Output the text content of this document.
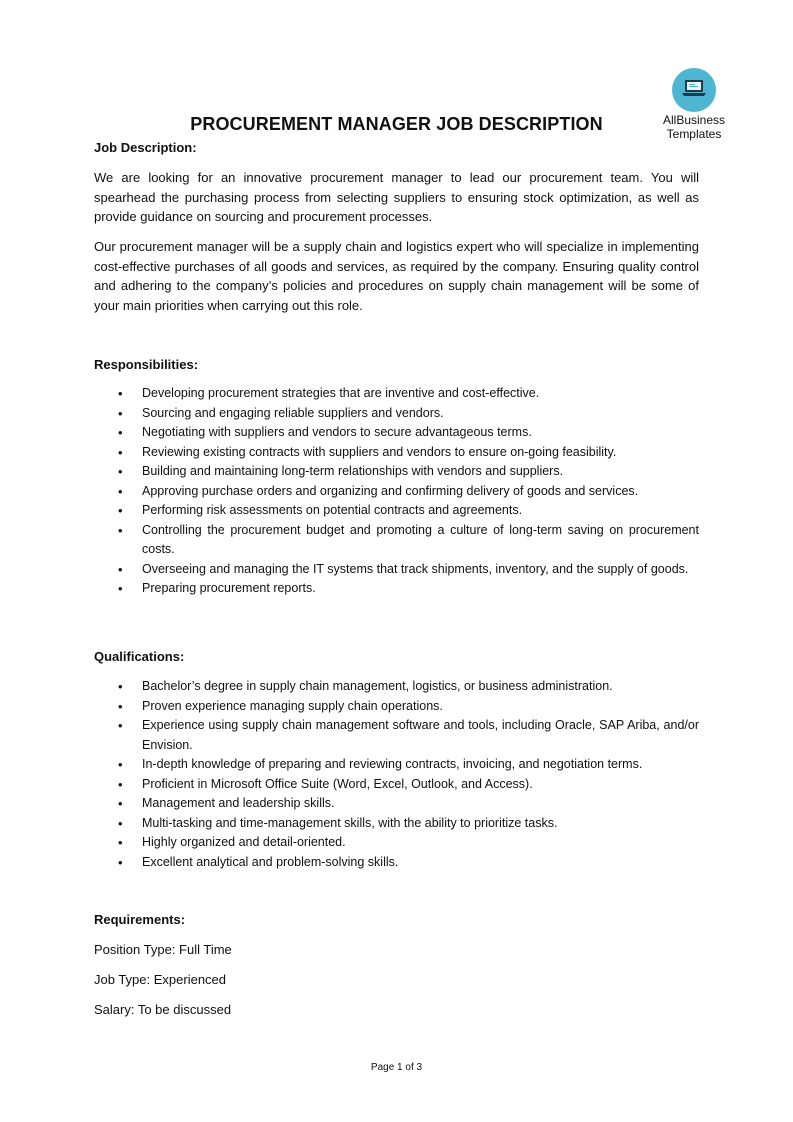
AllBusiness
Templates
PROCUREMENT MANAGER JOB DESCRIPTION
Job Description:

We are looking for an innovative procurement manager to lead our procurement team. You will spearhead the purchasing process from selecting suppliers to ensuring stock optimization, as well as provide guidance on sourcing and procurement processes.

Our procurement manager will be a supply chain and logistics expert who will specialize in implementing cost-effective purchases of all goods and services, as required by the company. Ensuring quality control and adhering to the company’s policies and procedures on supply chain management will be some of your main priorities when carrying out this role.

Responsibilities:
• Developing procurement strategies that are inventive and cost-effective.
• Sourcing and engaging reliable suppliers and vendors.
• Negotiating with suppliers and vendors to secure advantageous terms.
• Reviewing existing contracts with suppliers and vendors to ensure on-going feasibility.
• Building and maintaining long-term relationships with vendors and suppliers.
• Approving purchase orders and organizing and confirming delivery of goods and services.
• Performing risk assessments on potential contracts and agreements.
• Controlling the procurement budget and promoting a culture of long-term saving on procurement costs.
• Overseeing and managing the IT systems that track shipments, inventory, and the supply of goods.
• Preparing procurement reports.
Qualifications:
• Bachelor’s degree in supply chain management, logistics, or business administration.
• Proven experience managing supply chain operations.
• Experience using supply chain management software and tools, including Oracle, SAP Ariba, and/or Envision.
• In-depth knowledge of preparing and reviewing contracts, invoicing, and negotiation terms.
• Proficient in Microsoft Office Suite (Word, Excel, Outlook, and Access).
• Management and leadership skills.
• Multi-tasking and time-management skills, with the ability to prioritize tasks.
• Highly organized and detail-oriented.
• Excellent analytical and problem-solving skills.
Requirements:
Position Type: Full Time
Job Type: Experienced
Salary: To be discussed
Page 1 of 3
